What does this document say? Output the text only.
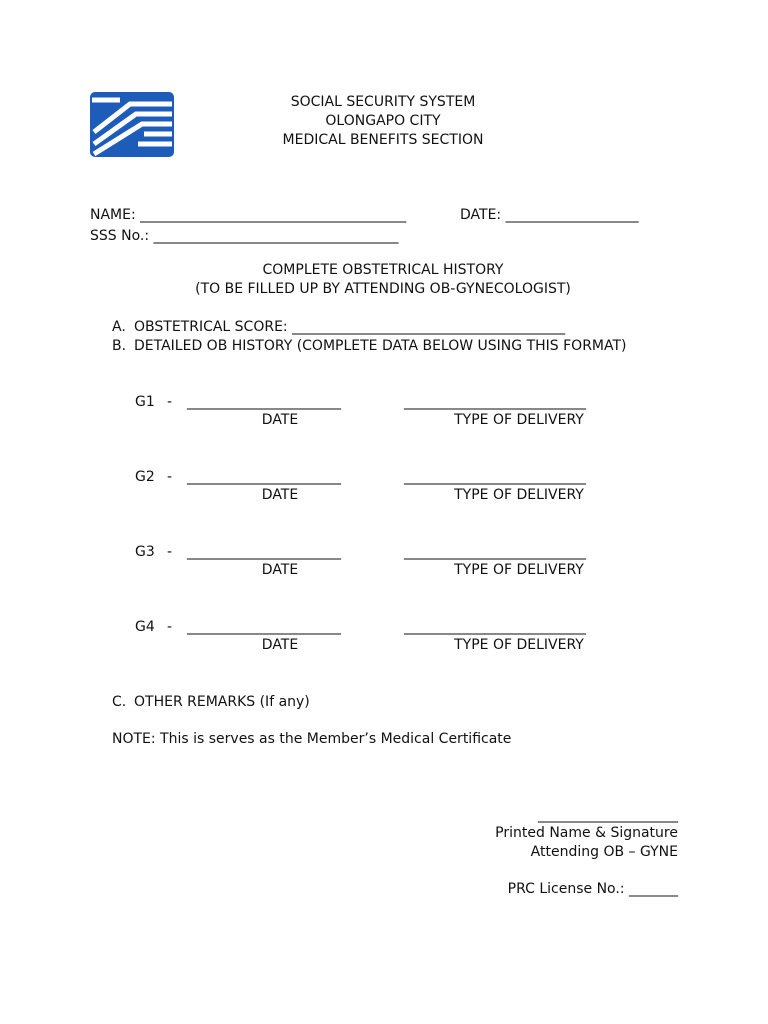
SOCIAL SECURITY SYSTEM
OLONGAPO CITY
MEDICAL BENEFITS SECTION
NAME: ______________________________________	DATE: ___________________
SSS No.: ___________________________________
COMPLETE OBSTETRICAL HISTORY
(TO BE FILLED UP BY ATTENDING OB-GYNECOLOGIST)
A. OBSTETRICAL SCORE: _______________________________________
B. DETAILED OB HISTORY (COMPLETE DATA BELOW USING THIS FORMAT)
G1 - ______________________	__________________________
DATE	TYPE OF DELIVERY
G2 - ______________________	__________________________
DATE	TYPE OF DELIVERY
G3 - ______________________	__________________________
DATE	TYPE OF DELIVERY
G4 - ______________________	__________________________
DATE	TYPE OF DELIVERY
C. OTHER REMARKS (If any)
NOTE: This is serves as the Member’s Medical Certificate
____________________
Printed Name & Signature
Attending OB – GYNE
PRC License No.: _______
